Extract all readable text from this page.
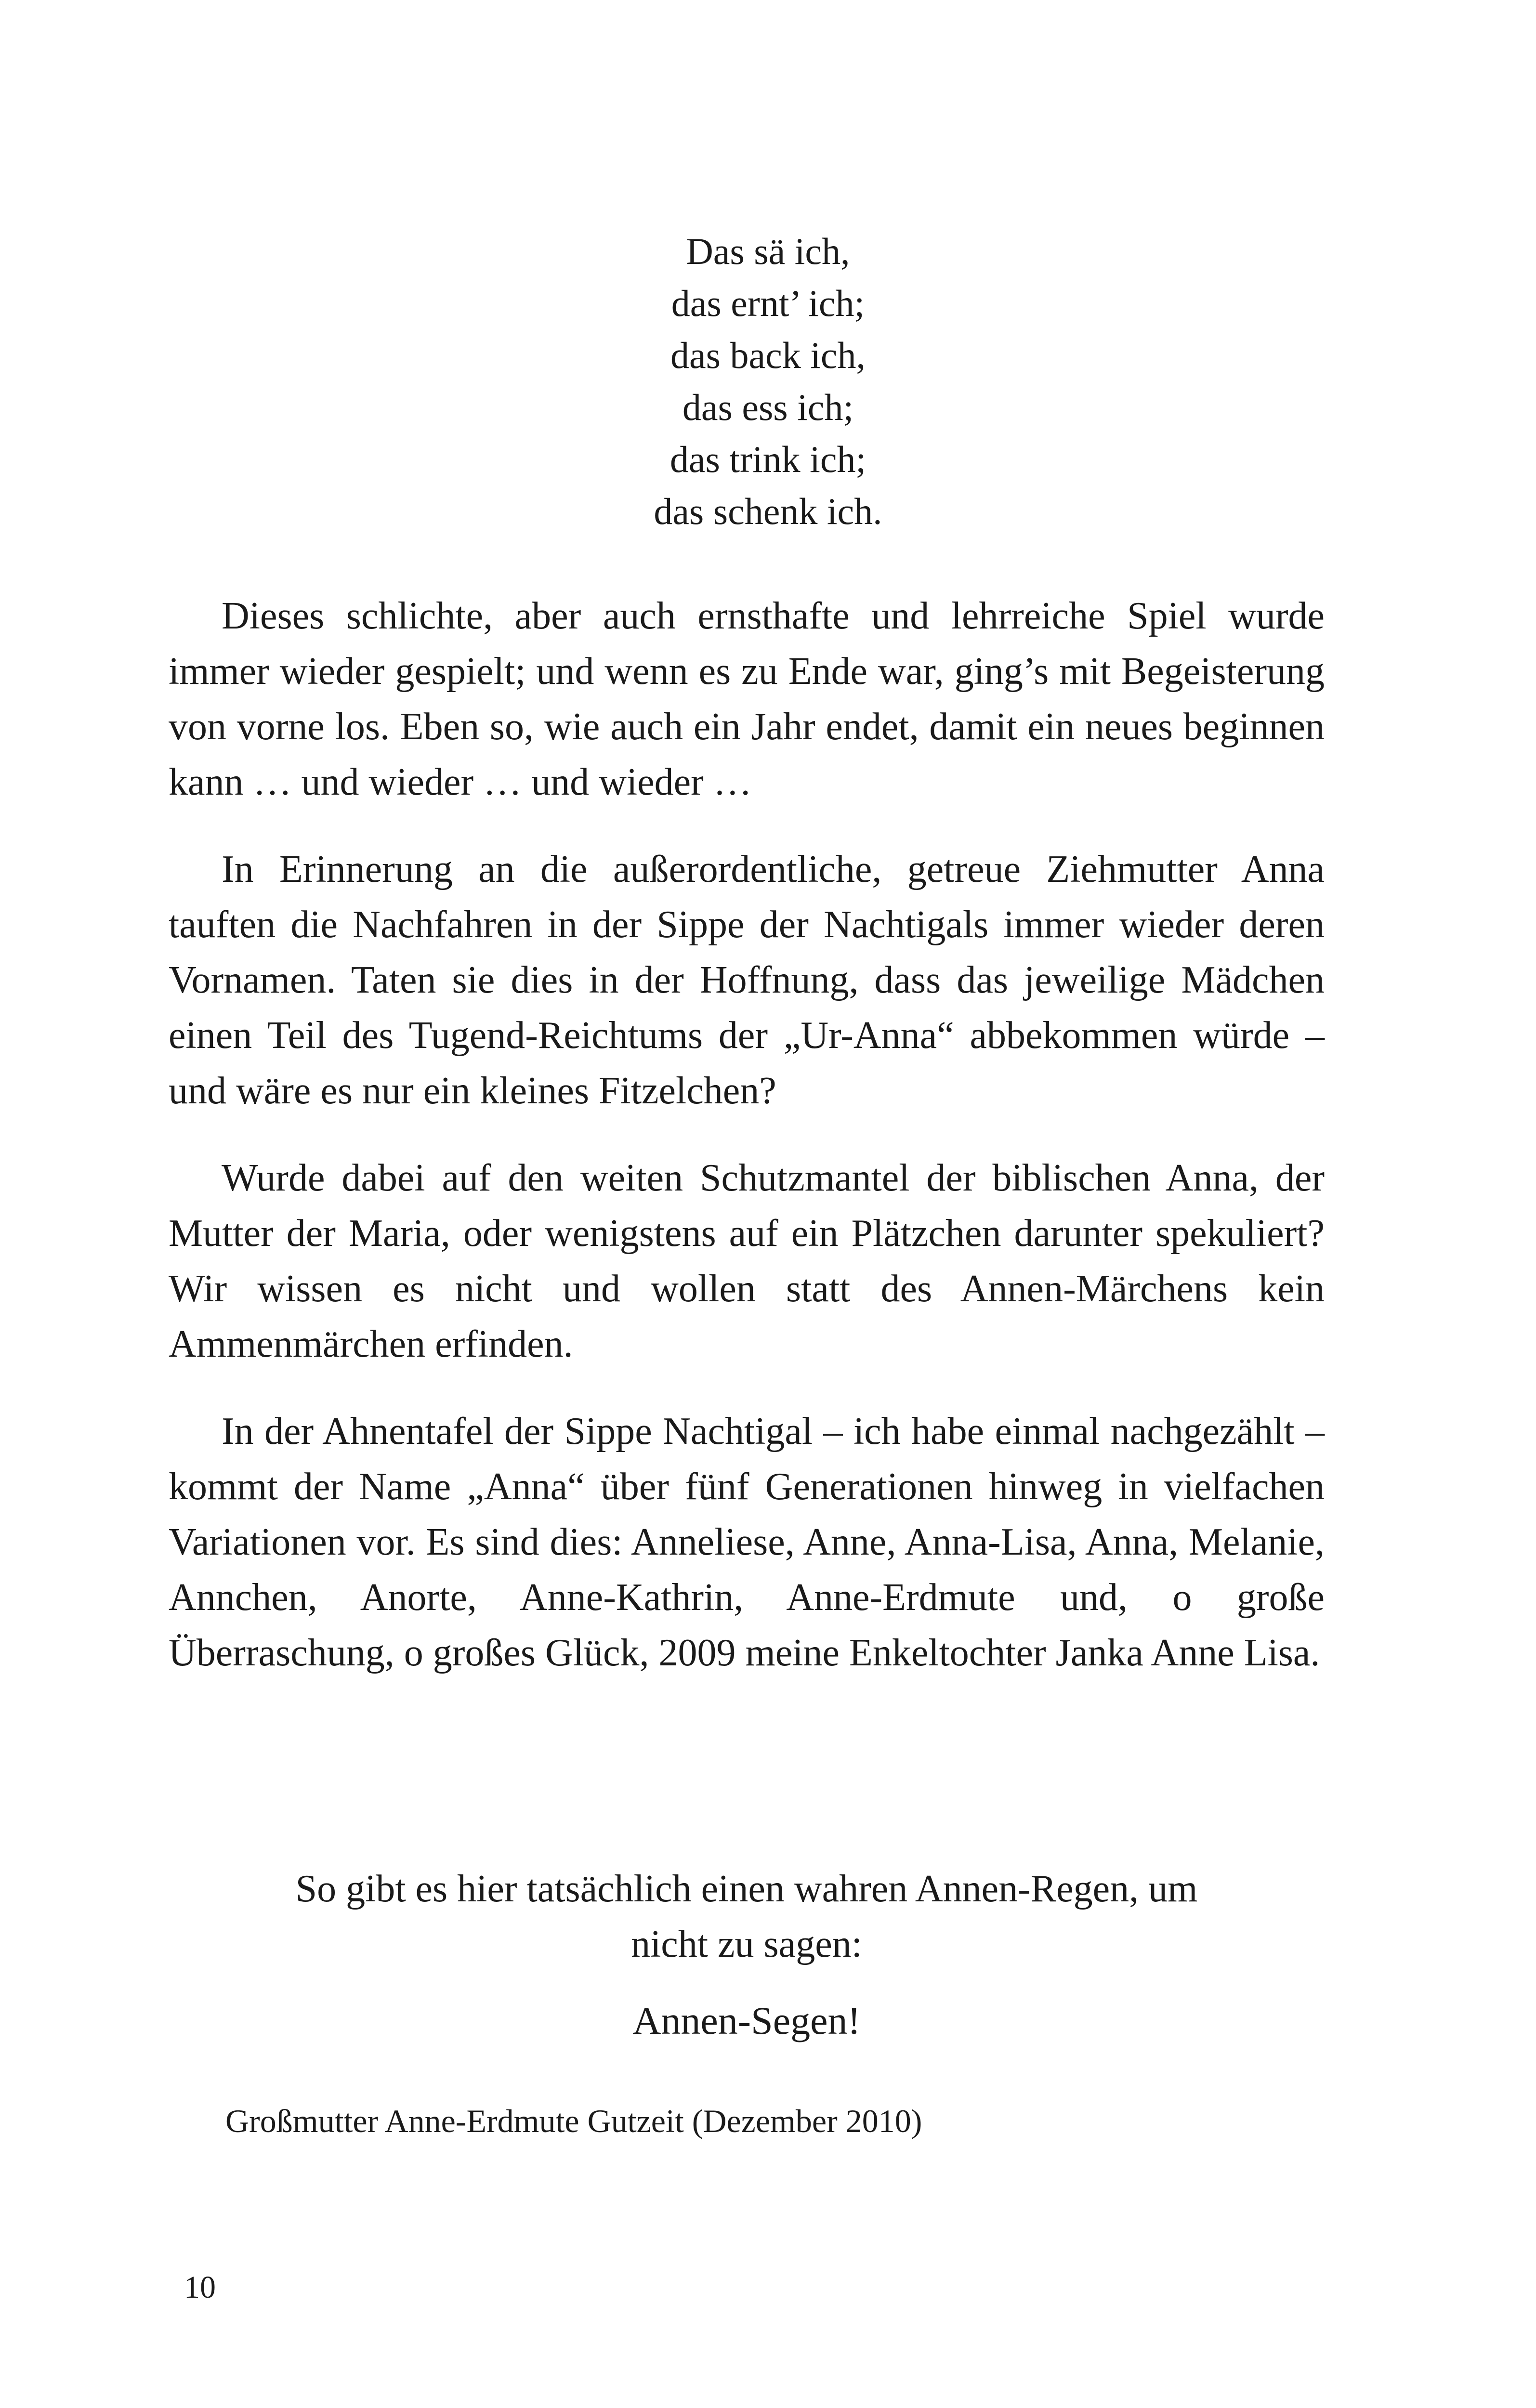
Das sä ich,
das ernt’ ich;
das back ich,
das ess ich;
das trink ich;
das schenk ich.

Dieses schlichte, aber auch ernsthafte und lehrreiche Spiel wurde immer wieder gespielt; und wenn es zu Ende war, ging’s mit Begeisterung von vorne los. Eben so, wie auch ein Jahr endet, damit ein neues beginnen kann … und wieder … und wieder …

In Erinnerung an die außerordentliche, getreue Ziehmutter Anna tauften die Nachfahren in der Sippe der Nachtigals immer wieder deren Vornamen. Taten sie dies in der Hoffnung, dass das jeweilige Mädchen einen Teil des Tugend-Reichtums der „Ur-Anna“ abbekommen würde – und wäre es nur ein kleines Fitzelchen?

Wurde dabei auf den weiten Schutzmantel der biblischen Anna, der Mutter der Maria, oder wenigstens auf ein Plätzchen darunter spekuliert? Wir wissen es nicht und wollen statt des Annen-Märchens kein Ammenmärchen erfinden.

In der Ahnentafel der Sippe Nachtigal – ich habe einmal nachgezählt – kommt der Name „Anna“ über fünf Generationen hinweg in vielfachen Variationen vor. Es sind dies: Anneliese, Anne, Anna-Lisa, Anna, Melanie, Annchen, Anorte, Anne-Kathrin, Anne-Erdmute und, o große Überraschung, o großes Glück, 2009 meine Enkeltochter Janka Anne Lisa.

So gibt es hier tatsächlich einen wahren Annen-Regen, um
nicht zu sagen:
Annen-Segen!
Großmutter Anne-Erdmute Gutzeit (Dezember 2010)
10
